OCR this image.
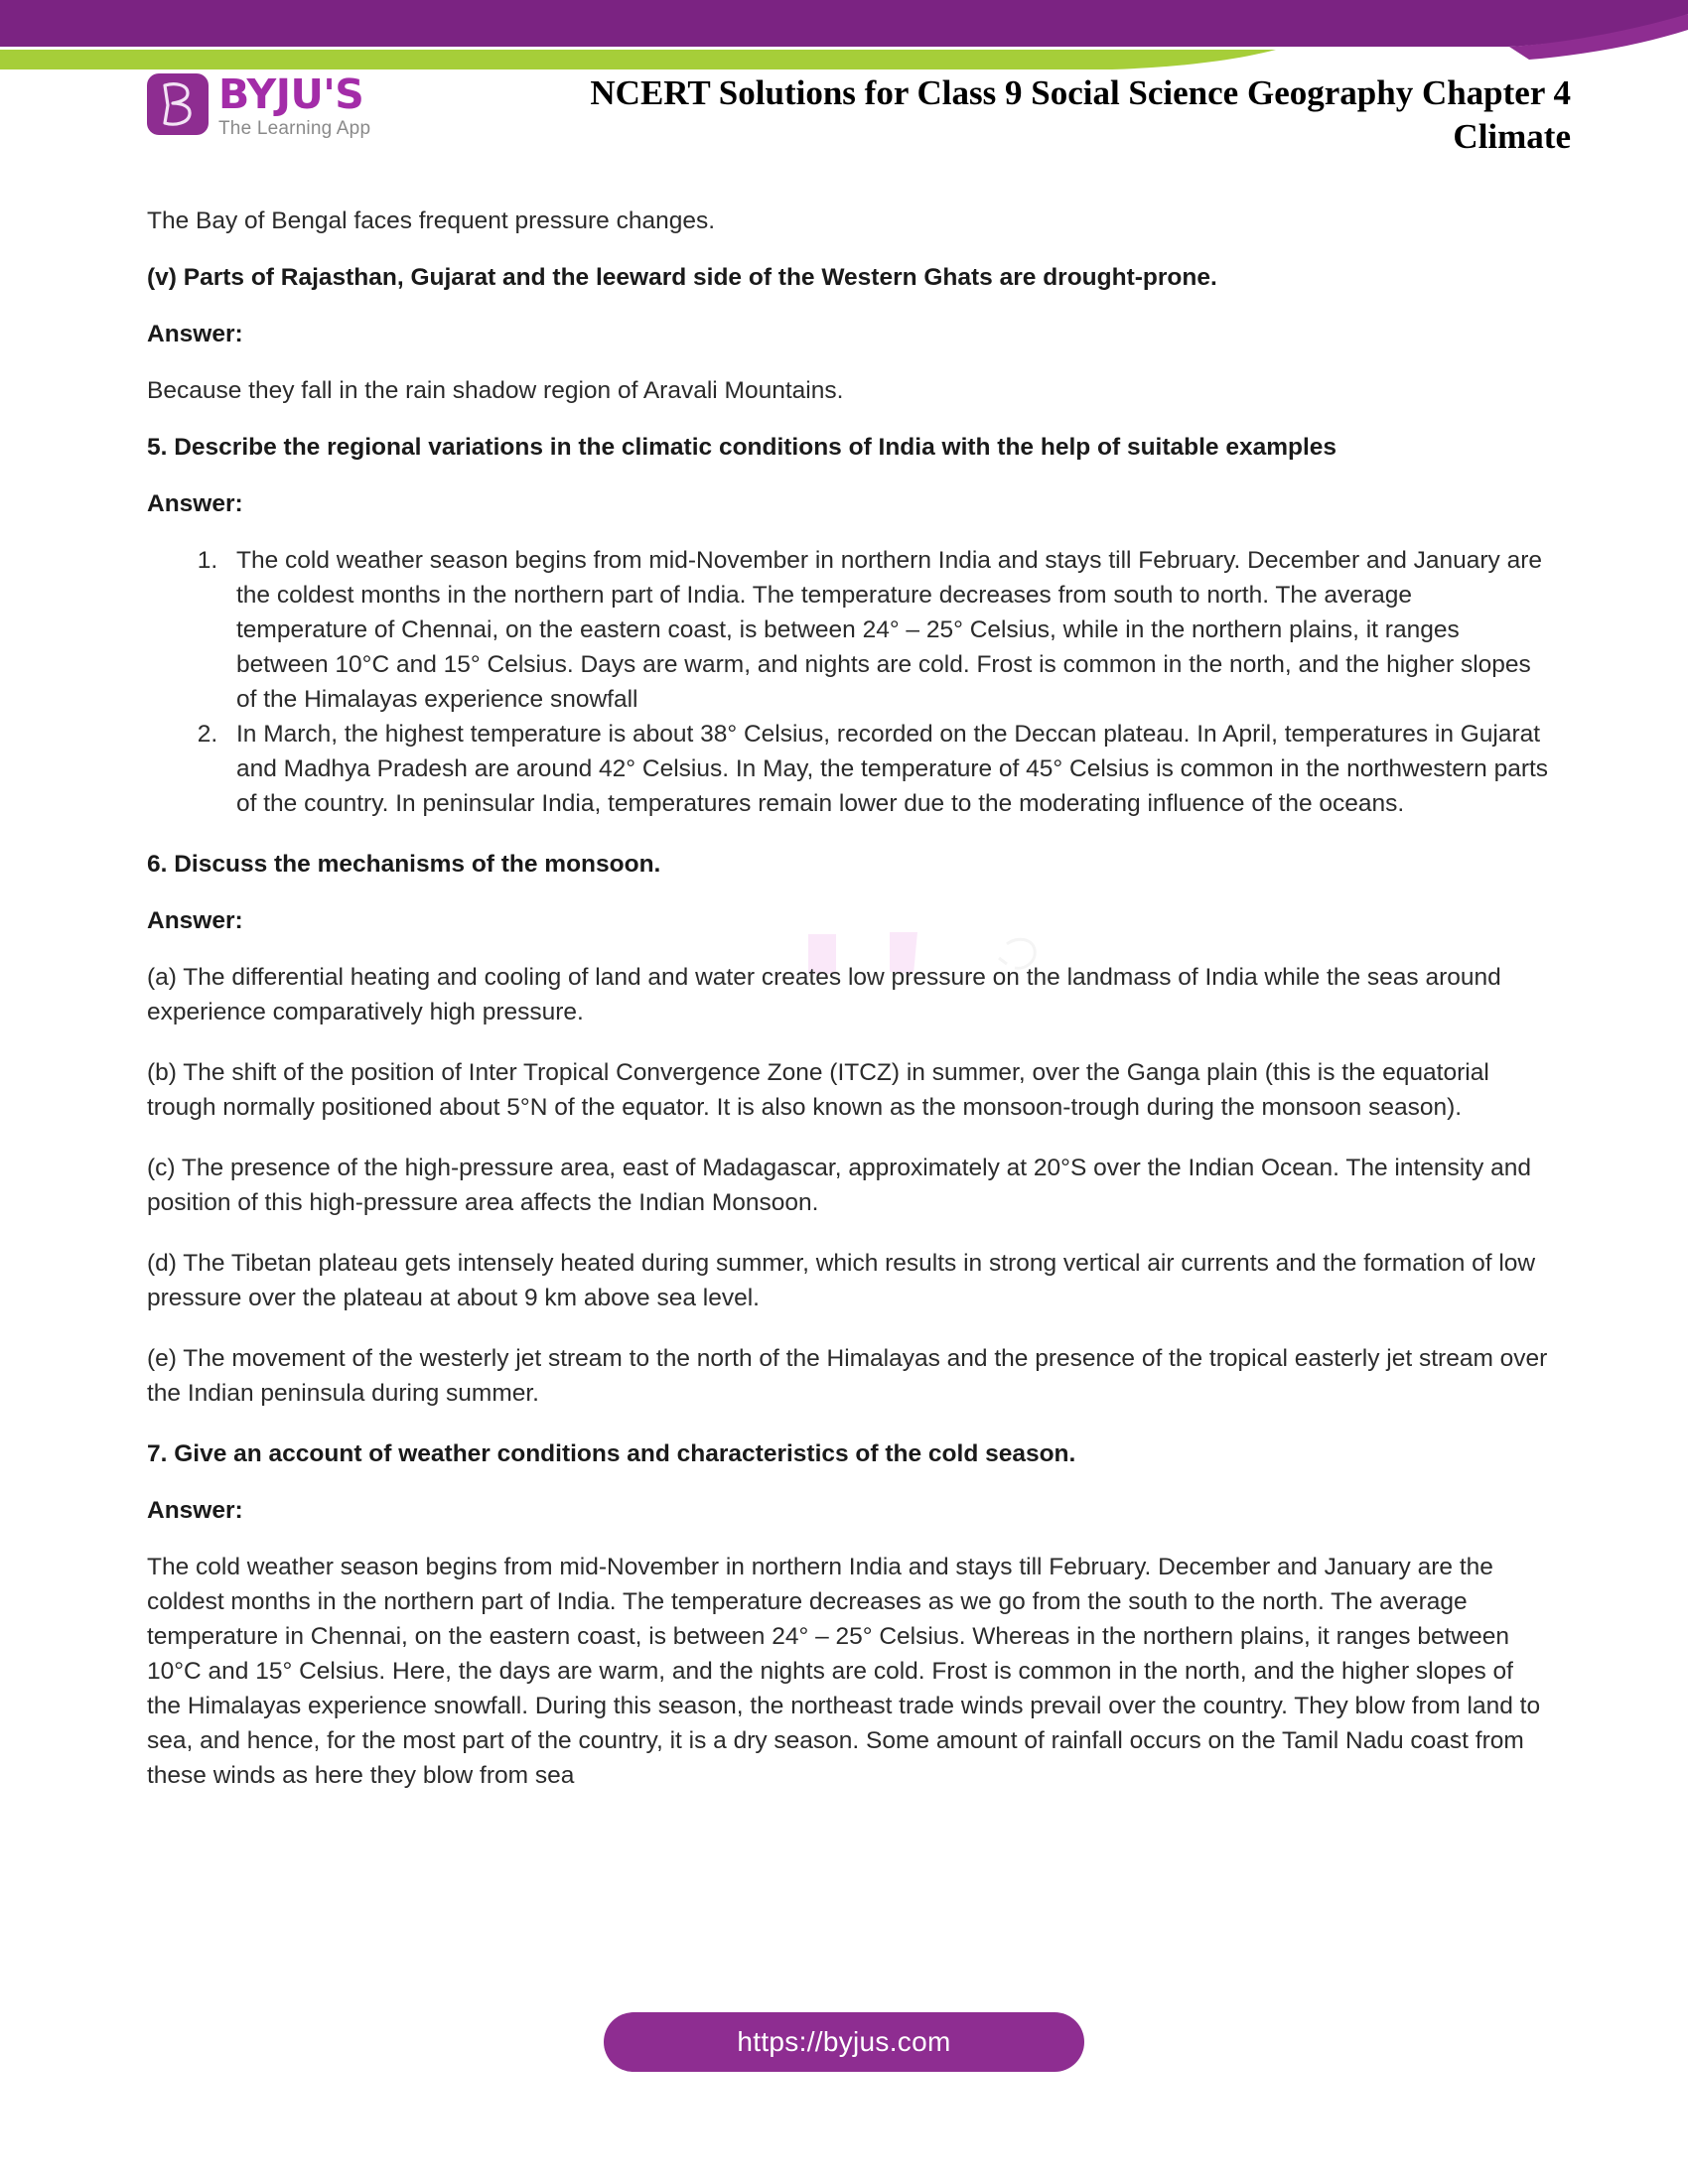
BYJU'S
The Learning App
NCERT Solutions for Class 9 Social Science Geography Chapter 4
Climate

The Bay of Bengal faces frequent pressure changes.

(v) Parts of Rajasthan, Gujarat and the leeward side of the Western Ghats are drought-prone.

Answer:

Because they fall in the rain shadow region of Aravali Mountains.

5. Describe the regional variations in the climatic conditions of India with the help of suitable examples

Answer:

1. The cold weather season begins from mid-November in northern India and stays till February. December and January are the coldest months in the northern part of India. The temperature decreases from south to north. The average temperature of Chennai, on the eastern coast, is between 24° – 25° Celsius, while in the northern plains, it ranges between 10°C and 15° Celsius. Days are warm, and nights are cold. Frost is common in the north, and the higher slopes of the Himalayas experience snowfall
2. In March, the highest temperature is about 38° Celsius, recorded on the Deccan plateau. In April, temperatures in Gujarat and Madhya Pradesh are around 42° Celsius. In May, the temperature of 45° Celsius is common in the northwestern parts of the country. In peninsular India, temperatures remain lower due to the moderating influence of the oceans.

6. Discuss the mechanisms of the monsoon.

Answer:

(a) The differential heating and cooling of land and water creates low pressure on the landmass of India while the seas around experience comparatively high pressure.

(b) The shift of the position of Inter Tropical Convergence Zone (ITCZ) in summer, over the Ganga plain (this is the equatorial trough normally positioned about 5°N of the equator. It is also known as the monsoon-trough during the monsoon season).

(c) The presence of the high-pressure area, east of Madagascar, approximately at 20°S over the Indian Ocean. The intensity and position of this high-pressure area affects the Indian Monsoon.

(d) The Tibetan plateau gets intensely heated during summer, which results in strong vertical air currents and the formation of low pressure over the plateau at about 9 km above sea level.

(e) The movement of the westerly jet stream to the north of the Himalayas and the presence of the tropical easterly jet stream over the Indian peninsula during summer.

7. Give an account of weather conditions and characteristics of the cold season.

Answer:

The cold weather season begins from mid-November in northern India and stays till February. December and January are the coldest months in the northern part of India. The temperature decreases as we go from the south to the north. The average temperature in Chennai, on the eastern coast, is between 24° – 25° Celsius. Whereas in the northern plains, it ranges between 10°C and 15° Celsius. Here, the days are warm, and the nights are cold. Frost is common in the north, and the higher slopes of the Himalayas experience snowfall. During this season, the northeast trade winds prevail over the country. They blow from land to sea, and hence, for the most part of the country, it is a dry season. Some amount of rainfall occurs on the Tamil Nadu coast from these winds as here they blow from sea

https://byjus.com
